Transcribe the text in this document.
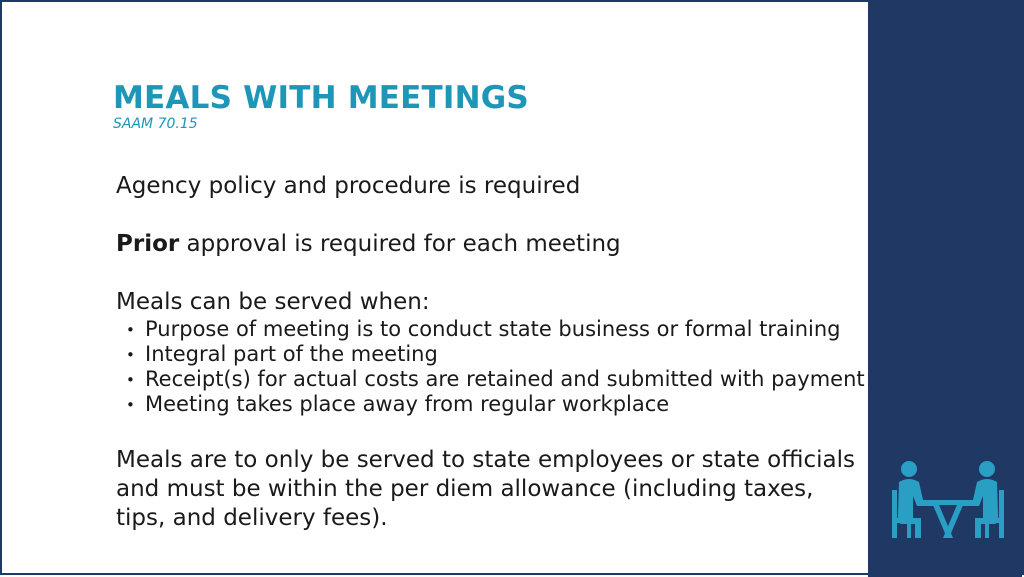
MEALS WITH MEETINGS
SAAM 70.15

Agency policy and procedure is required

Prior approval is required for each meeting

Meals can be served when:

• Purpose of meeting is to conduct state business or formal training
• Integral part of the meeting
• Receipt(s) for actual costs are retained and submitted with payment
• Meeting takes place away from regular workplace

Meals are to only be served to state employees or state officials and must be within the per diem allowance (including taxes, tips, and delivery fees).
